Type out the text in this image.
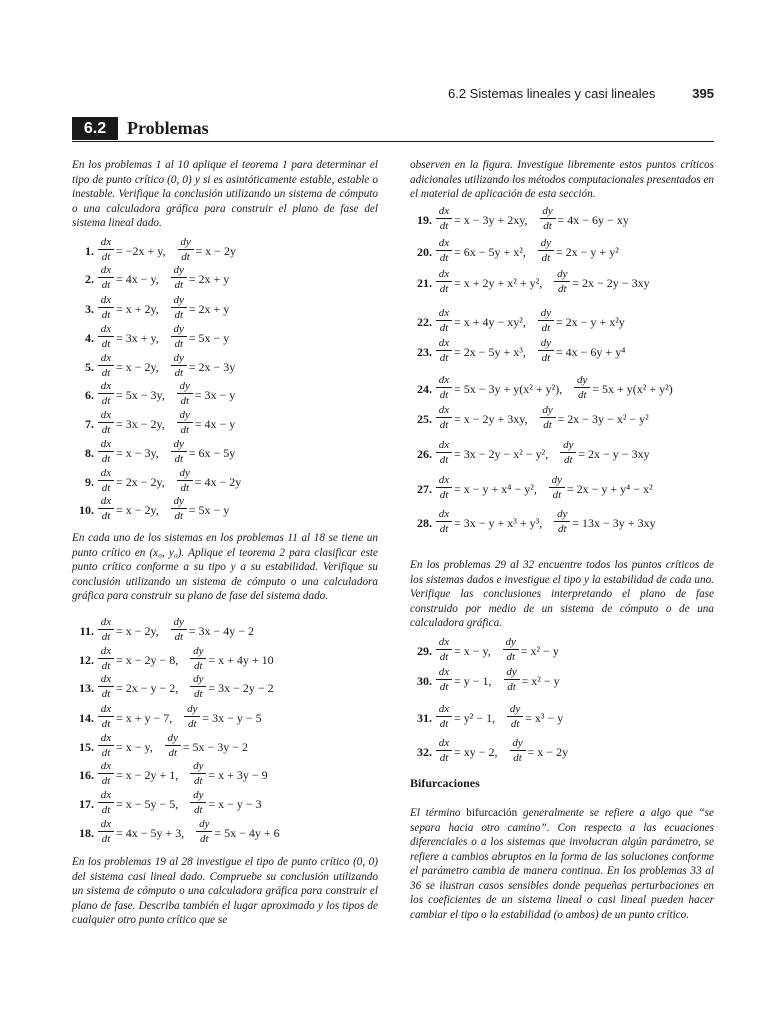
6.2 Sistemas lineales y casi lineales	395
6.2	Problemas
En los problemas 1 al 10 aplique el teorema 1 para determinar el tipo de punto crítico (0, 0) y si es asintóticamente estable, estable o inestable. Verifique la conclusión utilizando un sistema de cómputo o una calculadora gráfica para construir el plano de fase del sistema lineal dado.
En cada uno de los sistemas en los problemas 11 al 18 se tiene un punto crítico en (x₀, y₀). Aplique el teorema 2 para clasificar este punto crítico conforme a su tipo y a su estabilidad. Verifique su conclusión utilizando un sistema de cómputo o una calculadora gráfica para construir su plano de fase del sistema dado.
En los problemas 19 al 28 investigue el tipo de punto crítico (0, 0) del sistema casi lineal dado. Compruebe su conclusión utilizando un sistema de cómputo o una calculadora gráfica para construir el plano de fase. Describa también el lugar aproximado y los tipos de cualquier otro punto crítico que se
observen en la figura. Investigue libremente estos puntos críticos adicionales utilizando los métodos computacionales presentados en el material de aplicación de esta sección.
En los problemas 29 al 32 encuentre todos los puntos críticos de los sistemas dados e investigue el tipo y la estabilidad de cada uno. Verifique las conclusiones interpretando el plano de fase construido por medio de un sistema de cómputo o de una calculadora gráfica.
Bifurcaciones
El término bifurcación generalmente se refiere a algo que “se separa hacia otro camino”. Con respecto a las ecuaciones diferenciales o a los sistemas que involucran algún parámetro, se refiere a cambios abruptos en la forma de las soluciones conforme el parámetro cambia de manera continua. En los problemas 33 al 36 se ilustran casos sensibles donde pequeñas perturbaciones en los coeficientes de un sistema lineal o casi lineal pueden hacer cambiar el tipo o la estabilidad (o ambos) de un punto crítico.
1.
dx
dt = −2x + y,
dy
dt = x − 2y
2.
dx
dt = 4x − y,
dy
dt = 2x + y
3.
dx
dt = x + 2y,
dy
dt = 2x + y
4.
dx
dt = 3x + y,
dy
dt = 5x − y
5.
dx
dt = x − 2y,
dy
dt = 2x − 3y
6.
dx
dt = 5x − 3y,
dy
dt = 3x − y
7.
dx
dt = 3x − 2y,
dy
dt = 4x − y
8.
dx
dt = x − 3y,
dy
dt = 6x − 5y
9.
dx
dt = 2x − 2y,
dy
dt = 4x − 2y
10.
dx
dt = x − 2y,
dy
dt = 5x − y
11.
dx
dt = x − 2y,
dy
dt = 3x − 4y − 2
12.
dx
dt = x − 2y − 8,
dy
dt = x + 4y + 10
13.
dx
dt = 2x − y − 2,
dy
dt = 3x − 2y − 2
14.
dx
dt = x + y − 7,
dy
dt = 3x − y − 5
15.
dx
dt = x − y,
dy
dt = 5x − 3y − 2
16.
dx
dt = x − 2y + 1,
dy
dt = x + 3y − 9
17.
dx
dt = x − 5y − 5,
dy
dt = x − y − 3
18.
dx
dt = 4x − 5y + 3,
dy
dt = 5x − 4y + 6
19.
dx
dt = x − 3y + 2xy,
dy
dt = 4x − 6y − xy
20.
dx
dt = 6x − 5y + x²,
dy
dt = 2x − y + y²
21.
dx
dt = x + 2y + x² + y²,
dy
dt = 2x − 2y − 3xy
22.
dx
dt = x + 4y − xy²,
dy
dt = 2x − y + x²y
23.
dx
dt = 2x − 5y + x³,
dy
dt = 4x − 6y + y⁴
24.
dx
dt = 5x − 3y + y(x² + y²),
dy
dt = 5x + y(x² + y²)
25.
dx
dt = x − 2y + 3xy,
dy
dt = 2x − 3y − x² − y²
26.
dx
dt = 3x − 2y − x² − y²,
dy
dt = 2x − y − 3xy
27.
dx
dt = x − y + x⁴ − y²,
dy
dt = 2x − y + y⁴ − x²
28.
dx
dt = 3x − y + x³ + y³,
dy
dt = 13x − 3y + 3xy
29.
dx
dt = x − y,
dy
dt = x² − y
30.
dx
dt = y − 1,
dy
dt = x² − y
31.
dx
dt = y² − 1,
dy
dt = x³ − y
32.
dx
dt = xy − 2,
dy
dt = x − 2y
